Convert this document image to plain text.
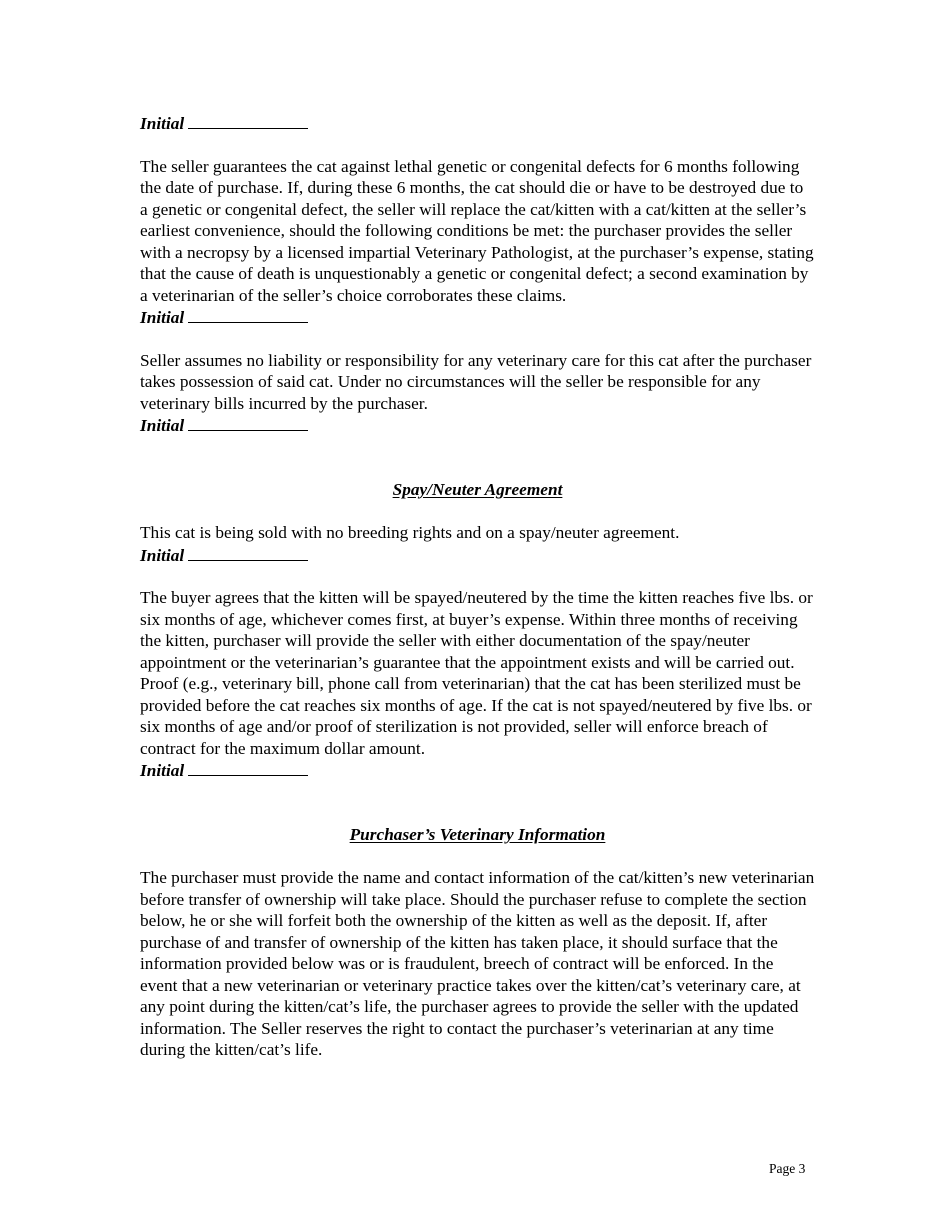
Initial

The seller guarantees the cat against lethal genetic or congenital defects for 6 months following the date of purchase. If, during these 6 months, the cat should die or have to be destroyed due to a genetic or congenital defect, the seller will replace the cat/kitten with a cat/kitten at the seller’s earliest convenience, should the following conditions be met: the purchaser provides the seller with a necropsy by a licensed impartial Veterinary Pathologist, at the purchaser’s expense, stating that the cause of death is unquestionably a genetic or congenital defect; a second examination by a veterinarian of the seller’s choice corroborates these claims.

Initial

Seller assumes no liability or responsibility for any veterinary care for this cat after the purchaser takes possession of said cat. Under no circumstances will the seller be responsible for any veterinary bills incurred by the purchaser.

Initial

Spay/Neuter Agreement

This cat is being sold with no breeding rights and on a spay/neuter agreement.

Initial

The buyer agrees that the kitten will be spayed/neutered by the time the kitten reaches five lbs. or six months of age, whichever comes first, at buyer’s expense. Within three months of receiving the kitten, purchaser will provide the seller with either documentation of the spay/neuter appointment or the veterinarian’s guarantee that the appointment exists and will be carried out. Proof (e.g., veterinary bill, phone call from veterinarian) that the cat has been sterilized must be provided before the cat reaches six months of age. If the cat is not spayed/neutered by five lbs. or six months of age and/or proof of sterilization is not provided, seller will enforce breach of contract for the maximum dollar amount.

Initial

Purchaser’s Veterinary Information

The purchaser must provide the name and contact information of the cat/kitten’s new veterinarian before transfer of ownership will take place. Should the purchaser refuse to complete the section below, he or she will forfeit both the ownership of the kitten as well as the deposit. If, after purchase of and transfer of ownership of the kitten has taken place, it should surface that the information provided below was or is fraudulent, breech of contract will be enforced. In the event that a new veterinarian or veterinary practice takes over the kitten/cat’s veterinary care, at any point during the kitten/cat’s life, the purchaser agrees to provide the seller with the updated information. The Seller reserves the right to contact the purchaser’s veterinarian at any time during the kitten/cat’s life.

Page 3
